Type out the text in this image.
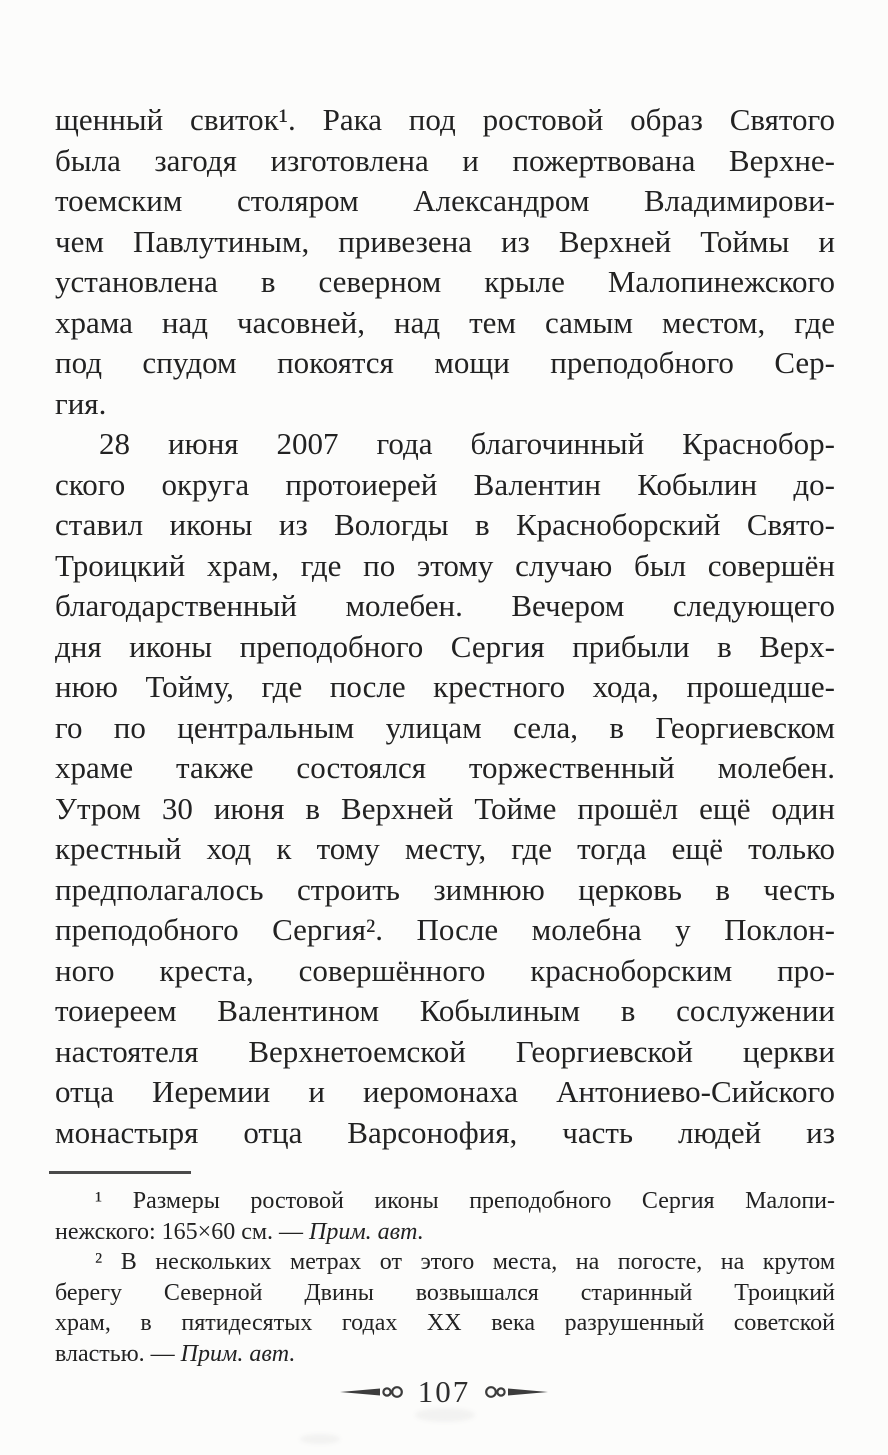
щенный свиток¹. Рака под ростовой образ Святого
была загодя изготовлена и пожертвована Верхне-
тоемским столяром Александром Владимирови-
чем Павлутиным, привезена из Верхней Тоймы и
установлена в северном крыле Малопинежского
храма над часовней, над тем самым местом, где
под спудом покоятся мощи преподобного Сер-
гия.
28 июня 2007 года благочинный Краснобор-
ского округа протоиерей Валентин Кобылин до-
ставил иконы из Вологды в Красноборский Свято-
Троицкий храм, где по этому случаю был совершён
благодарственный молебен. Вечером следующего
дня иконы преподобного Сергия прибыли в Верх-
нюю Тойму, где после крестного хода, прошедше-
го по центральным улицам села, в Георгиевском
храме также состоялся торжественный молебен.
Утром 30 июня в Верхней Тойме прошёл ещё один
крестный ход к тому месту, где тогда ещё только
предполагалось строить зимнюю церковь в честь
преподобного Сергия². После молебна у Поклон-
ного креста, совершённого красноборским про-
тоиереем Валентином Кобылиным в сослужении
настоятеля Верхнетоемской Георгиевской церкви
отца Иеремии и иеромонаха Антониево-Сийского
монастыря отца Варсонофия, часть людей из
¹ Размеры ростовой иконы преподобного Сергия Малопи-
нежского: 165×60 см. — Прим. авт.
² В нескольких метрах от этого места, на погосте, на крутом
берегу Северной Двины возвышался старинный Троицкий
храм, в пятидесятых годах XX века разрушенный советской
властью. — Прим. авт.
107
